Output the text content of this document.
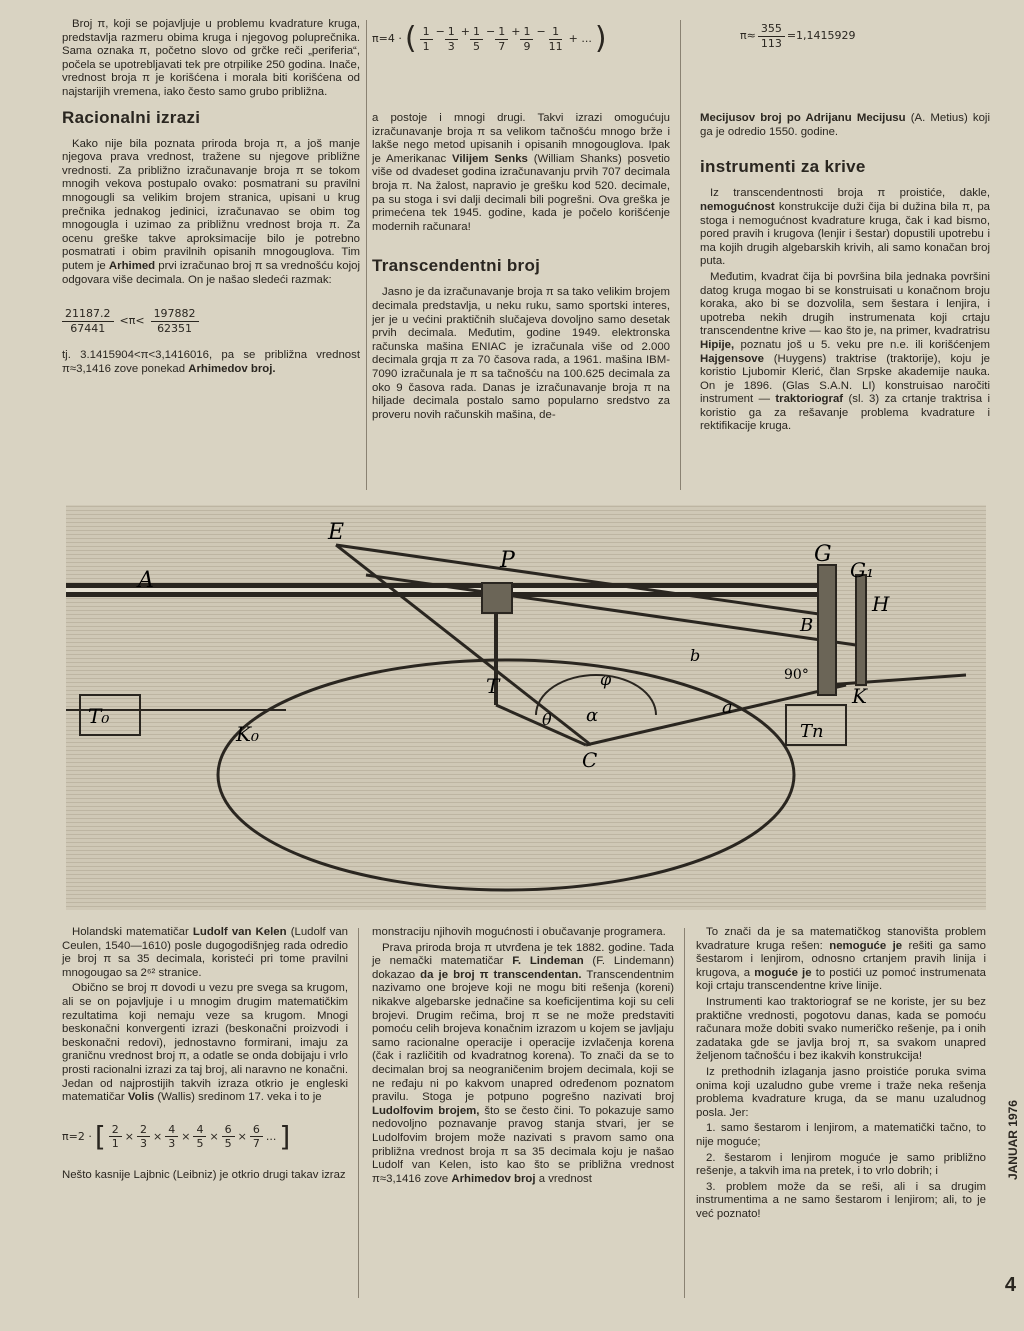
Broj π, koji se pojavljuje u problemu kvadrature kruga, predstavlja razmeru obima kruga i njegovog poluprečnika. Sama oznaka π, početno slovo od grčke reči „periferia“, počela se upotrebljavati tek pre otrpilike 250 godina. Inače, vrednost broja π je korišćena i morala biti korišćena od najstarijih vremena, iako često samo grubo približna.

Racionalni izrazi

Kako nije bila poznata priroda broja π, a još manje njegova prava vrednost, tražene su njegove približne vrednosti. Za približno izračunavanje broja π se tokom mnogih vekova postupalo ovako: posmatrani su pravilni mnogougli sa velikim brojem stranica, upisani u krug prečnika jednakog jedinici, izračunavao se obim tog mnogougla i uzimao za približnu vrednost broja π. Za ocenu greške takve aproksimacije bilo je potrebno posmatrati i obim pravilnih opisanih mnogouglova. Tim putem je Arhimed prvi izračunao broj π sa vrednošću kojoj odgovara više decimala. On je našao sledeći razmak:

$\frac{21187.2}{67441} <\pi< \frac{197882}{62351}$

tj. 3.1415904<π<3,1416016, pa se približna vrednost π≈3,1416 zove ponekad Arhimedov broj.

π=4 · ( $\frac{1}{1} - \frac{1}{3} + \frac{1}{5} - \frac{1}{7} + \frac{1}{9} - \frac{1}{11}$ + ... )

a postoje i mnogi drugi. Takvi izrazi omogućuju izračunavanje broja π sa velikom tačnošću mnogo brže i lakše nego metod upisanih i opisanih mnogouglova. Ipak je Amerikanac Vilijem Senks (William Shanks) posvetio više od dvadeset godina izračunavanju prvih 707 decimala broja π. Na žalost, napravio je grešku kod 520. decimale, pa su stoga i svi dalji decimali bili pogrešni. Ova greška je primećena tek 1945. godine, kada je počelo korišćenje modernih računara!

Transcendentni broj

Jasno je da izračunavanje broja π sa tako velikim brojem decimala predstavlja, u neku ruku, samo sportski interes, jer je u većini praktičnih slučajeva dovoljno samo desetak prvih decimala. Međutim, godine 1949. elektronska računska mašina ENIAC je izračunala više od 2.000 decimala grqja π za 70 časova rada, a 1961. mašina IBM-7090 izračunala je π sa tačnošću na 100.625 decimala za oko 9 časova rada. Danas je izračunavanje broja π na hiljade decimala postalo samo popularno sredstvo za proveru novih računskih mašina, de-

$\pi\approx \frac{355}{113} =1,1415929$

Mecijusov broj po Adrijanu Mecijusu (A. Metius) koji ga je odredio 1550. godine.

instrumenti za krive

Iz transcendentnosti broja π proistiće, dakle, nemogućnost konstrukcije duži čija bi dužina bila π, pa stoga i nemogućnost kvadrature kruga, čak i kad bismo, pored pravih i krugova (lenjir i šestar) dopustili upotrebu i ma kojih drugih algebarskih krivih, ali samo konačan broj puta.

Međutim, kvadrat čija bi površina bila jednaka površini datog kruga mogao bi se konstruisati u konačnom broju koraka, ako bi se dozvolila, sem šestara i lenjira, i upotreba nekih drugih instrumenata koji crtaju transcendentne krive — kao što je, na primer, kvadratrisu Hipije, poznatu još u 5. veku pre n.e. ili korišćenjem Hajgensove (Huygens) traktrise (traktorije), koju je koristio Ljubomir Klerić, član Srpske akademije nauka. On je 1896. (Glas S.A.N. LI) konstruisao naročiti instrument — traktoriograf (sl. 3) za crtanje traktrisa i koristio ga za rešavanje problema kvadrature i rektifikacije kruga.

A
E
P	G
G₁
H
B
T
C
K
T₀
K₀	Tn
α
θ
φ
a
b
90°

Holandski matematičar Ludolf van Kelen (Ludolf van Ceulen, 1540—1610) posle dugogodišnjeg rada odredio je broj π sa 35 decimala, koristeći pri tome pravilni mnogougao sa 2⁶² stranice.

Obično se broj π dovodi u vezu pre svega sa krugom, ali se on pojavljuje i u mnogim drugim matematičkim rezultatima koji nemaju veze sa krugom. Mnogi beskonačni konvergenti izrazi (beskonačni proizvodi i beskonačni redovi), jednostavno formirani, imaju za graničnu vrednost broj π, a odatle se onda dobijaju i vrlo prosti racionalni izrazi za taj broj, ali naravno ne konačni. Jedan od najprostijih takvih izraza otkrio je engleski matematičar Volis (Wallis) sredinom 17. veka i to je

π=2 · [ $\frac{2}{1} \times \frac{2}{3} \times \frac{4}{3} \times \frac{4}{5} \times \frac{6}{5} \times \frac{6}{7}$ ... ]

Nešto kasnije Lajbnic (Leibniz) je otkrio drugi takav izraz

monstraciju njihovih mogućnosti i obučavanje programera.

Prava priroda broja π utvrđena je tek 1882. godine. Tada je nemački matematičar F. Lindeman (F. Lindemann) dokazao da je broj π transcendentan. Transcendentnim nazivamo one brojeve koji ne mogu biti rešenja (koreni) nikakve algebarske jednačine sa koeficijentima koji su celi brojevi. Drugim rečima, broj π se ne može predstaviti pomoću celih brojeva konačnim izrazom u kojem se javljaju samo racionalne operacije i operacije izvlačenja korena (čak i različitih od kvadratnog korena). To znači da se to decimalan broj sa neograničenim brojem decimala, koji se ne ređaju ni po kakvom unapred određenom poznatom pravilu. Stoga je potpuno pogrešno nazivati broj Ludolfovim brojem, što se često čini. To pokazuje samo nedovoljno poznavanje pravog stanja stvari, jer se Ludolfovim brojem može nazivati s pravom samo ona približna vrednost broja π sa 35 decimala koju je našao Ludolf van Kelen, isto kao što se približna vrednost π≈3,1416 zove Arhimedov broj a vrednost

To znači da je sa matematičkog stanovišta problem kvadrature kruga rešen: nemoguće je rešiti ga samo šestarom i lenjirom, odnosno crtanjem pravih linija i krugova, a moguće je to postići uz pomoć instrumenata koji crtaju transcendentne krive linije.

Instrumenti kao traktoriograf se ne koriste, jer su bez praktične vrednosti, pogotovu danas, kada se pomoću računara može dobiti svako numeričko rešenje, pa i onih zadataka gde se javlja broj π, sa svakom unapred željenom tačnošću i bez ikakvih konstrukcija!

Iz prethodnih izlaganja jasno proistiće poruka svima onima koji uzaludno gube vreme i traže neka rešenja problema kvadrature kruga, da se manu uzaludnog posla. Jer:

1. samo šestarom i lenjirom, a matematički tačno, to nije moguće;

2. šestarom i lenjirom moguće je samo približno rešenje, a takvih ima na pretek, i to vrlo dobrih; i

3. problem može da se reši, ali i sa drugim instrumentima a ne samo šestarom i lenjirom; ali, to je već poznato!

JANUAR 1976
4
